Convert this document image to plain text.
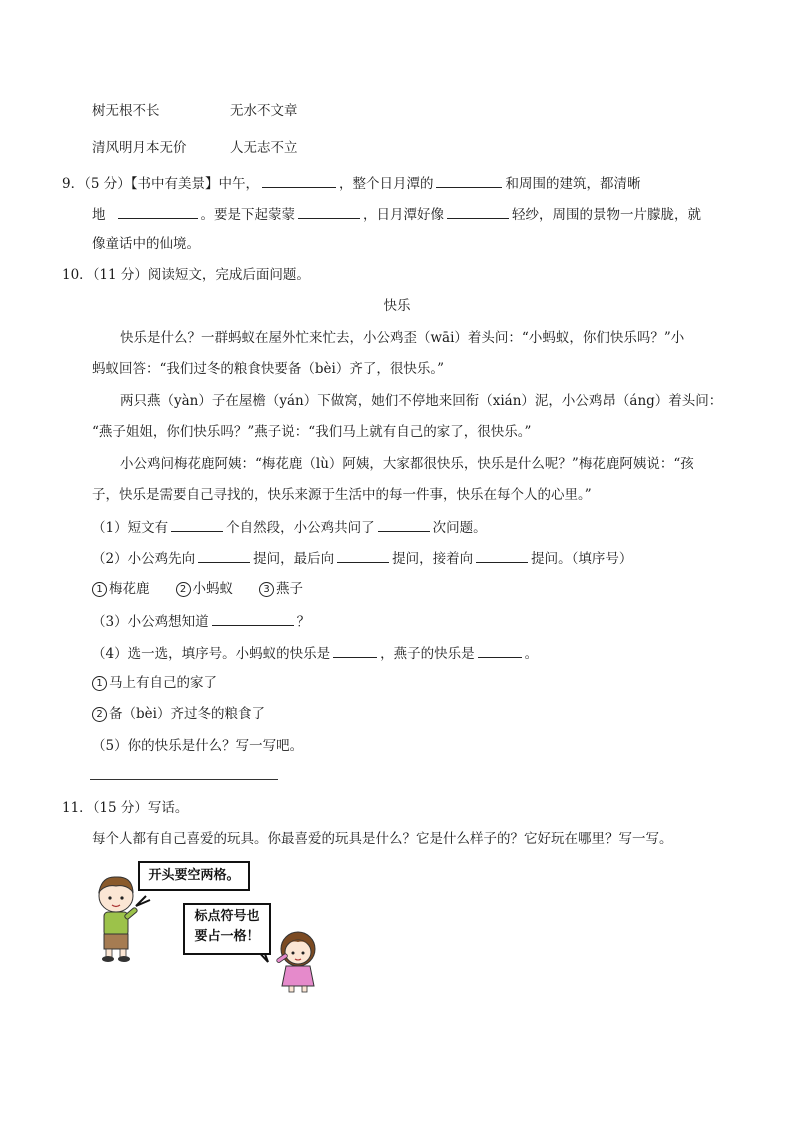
树无根不长	无水不文章
清风明月本无价	人无志不立
9．（5 分）【书中有美景】中午，	，整个日月潭的	和周围的建筑，都清晰
地	。要是下起蒙蒙	，日月潭好像	轻纱，周围的景物一片朦胧，就
像童话中的仙境。
10．（11 分）阅读短文，完成后面问题。
快乐
快乐是什么？一群蚂蚁在屋外忙来忙去，小公鸡歪（wāi）着头问：“小蚂蚁，你们快乐吗？”小
蚂蚁回答：“我们过冬的粮食快要备（bèi）齐了，很快乐。”
两只燕（yàn）子在屋檐（yán）下做窝，她们不停地来回衔（xián）泥，小公鸡昂（áng）着头问：
“燕子姐姐，你们快乐吗？”燕子说：“我们马上就有自己的家了，很快乐。”
小公鸡问梅花鹿阿姨：“梅花鹿（lù）阿姨，大家都很快乐，快乐是什么呢？”梅花鹿阿姨说：“孩
子，快乐是需要自己寻找的，快乐来源于生活中的每一件事，快乐在每个人的心里。”
（1）短文有	个自然段，小公鸡共问了	次问题。
（2）小公鸡先向	提问，最后向	提问，接着向	提问。（填序号）
1 梅花鹿	2 小蚂蚁	3 燕子
（3）小公鸡想知道	？
（4）选一选，填序号。小蚂蚁的快乐是	，燕子的快乐是	。
1 马上有自己的家了
2 备（bèi）齐过冬的粮食了
（5）你的快乐是什么？写一写吧。
11．（15 分）写话。
每个人都有自己喜爱的玩具。你最喜爱的玩具是什么？它是什么样子的？它好玩在哪里？写一写。
开头要空两格。
标点符号也
要占一格！
